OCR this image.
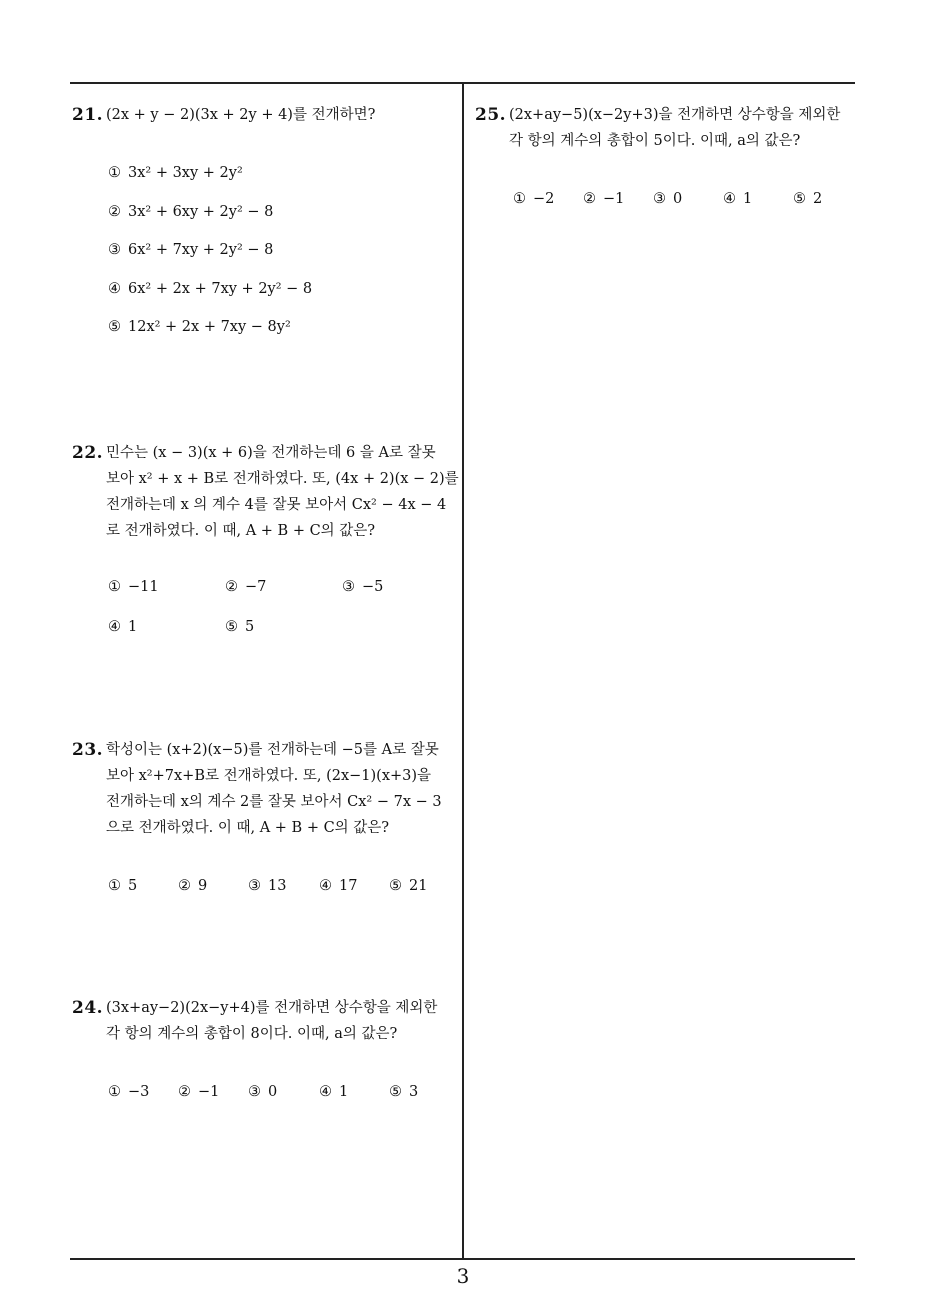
21. (2x + y − 2)(3x + 2y + 4)를 전개하면?
① 3x² + 3xy + 2y²
② 3x² + 6xy + 2y² − 8
③ 6x² + 7xy + 2y² − 8
④ 6x² + 2x + 7xy + 2y² − 8
⑤ 12x² + 2x + 7xy − 8y²
22. 민수는 (x − 3)(x + 6)을 전개하는데 6 을 A로 잘못
보아 x² + x + B로 전개하였다. 또, (4x + 2)(x − 2)를
전개하는데 x 의 계수 4를 잘못 보아서 Cx² − 4x − 4
로 전개하였다. 이 때, A + B + C의 값은?
① −11	② −7	③ −5
④ 1	⑤ 5
23. 학성이는 (x+2)(x−5)를 전개하는데 −5를 A로 잘못
보아 x²+7x+B로 전개하였다. 또, (2x−1)(x+3)을
전개하는데 x의 계수 2를 잘못 보아서 Cx² − 7x − 3
으로 전개하였다. 이 때, A + B + C의 값은?
① 5	② 9	③ 13 ④ 17 ⑤ 21
24. (3x+ay−2)(2x−y+4)를 전개하면 상수항을 제외한
각 항의 계수의 총합이 8이다. 이때, a의 값은?
① −3 ② −1 ③ 0	④ 1	⑤ 3
25. (2x+ay−5)(x−2y+3)을 전개하면 상수항을 제외한
각 항의 계수의 총합이 5이다. 이때, a의 값은?
① −2 ② −1 ③ 0	④ 1	⑤ 2
3
